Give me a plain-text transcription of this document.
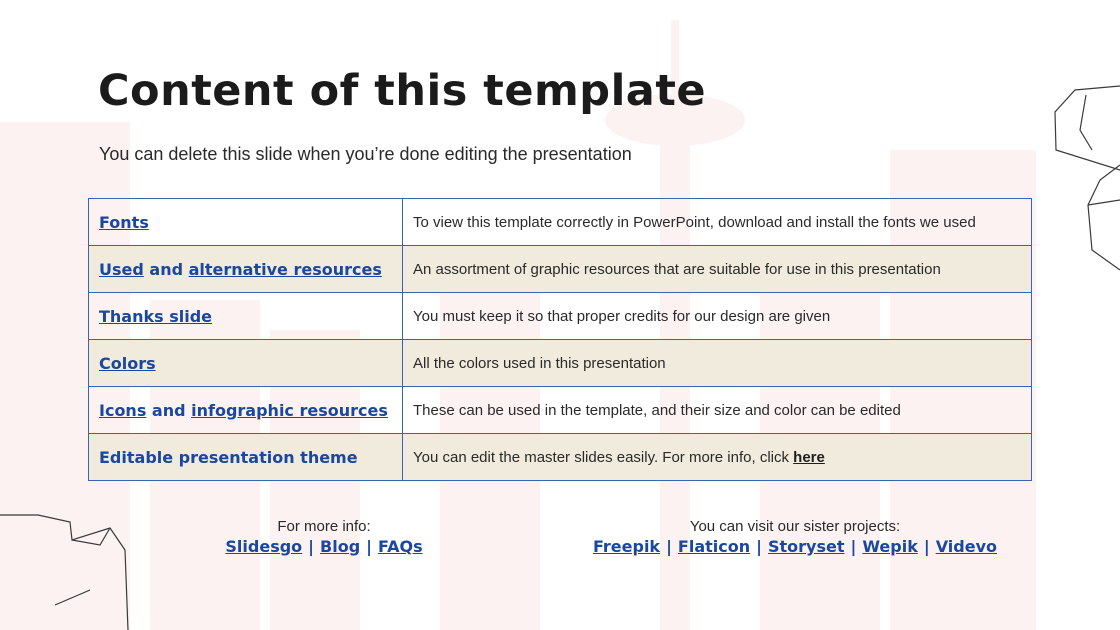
Content of this template

You can delete this slide when you’re done editing the presentation

Fonts	To view this template correctly in PowerPoint, download and install the fonts we used
Used and alternative resources	An assortment of graphic resources that are suitable for use in this presentation
Thanks slide	You must keep it so that proper credits for our design are given
Colors	All the colors used in this presentation
Icons and infographic resources	These can be used in the template, and their size and color can be edited
Editable presentation theme	You can edit the master slides easily. For more info, click here
For more info:
Slidesgo | Blog | FAQs
You can visit our sister projects:
Freepik | Flaticon | Storyset | Wepik | Videvo
